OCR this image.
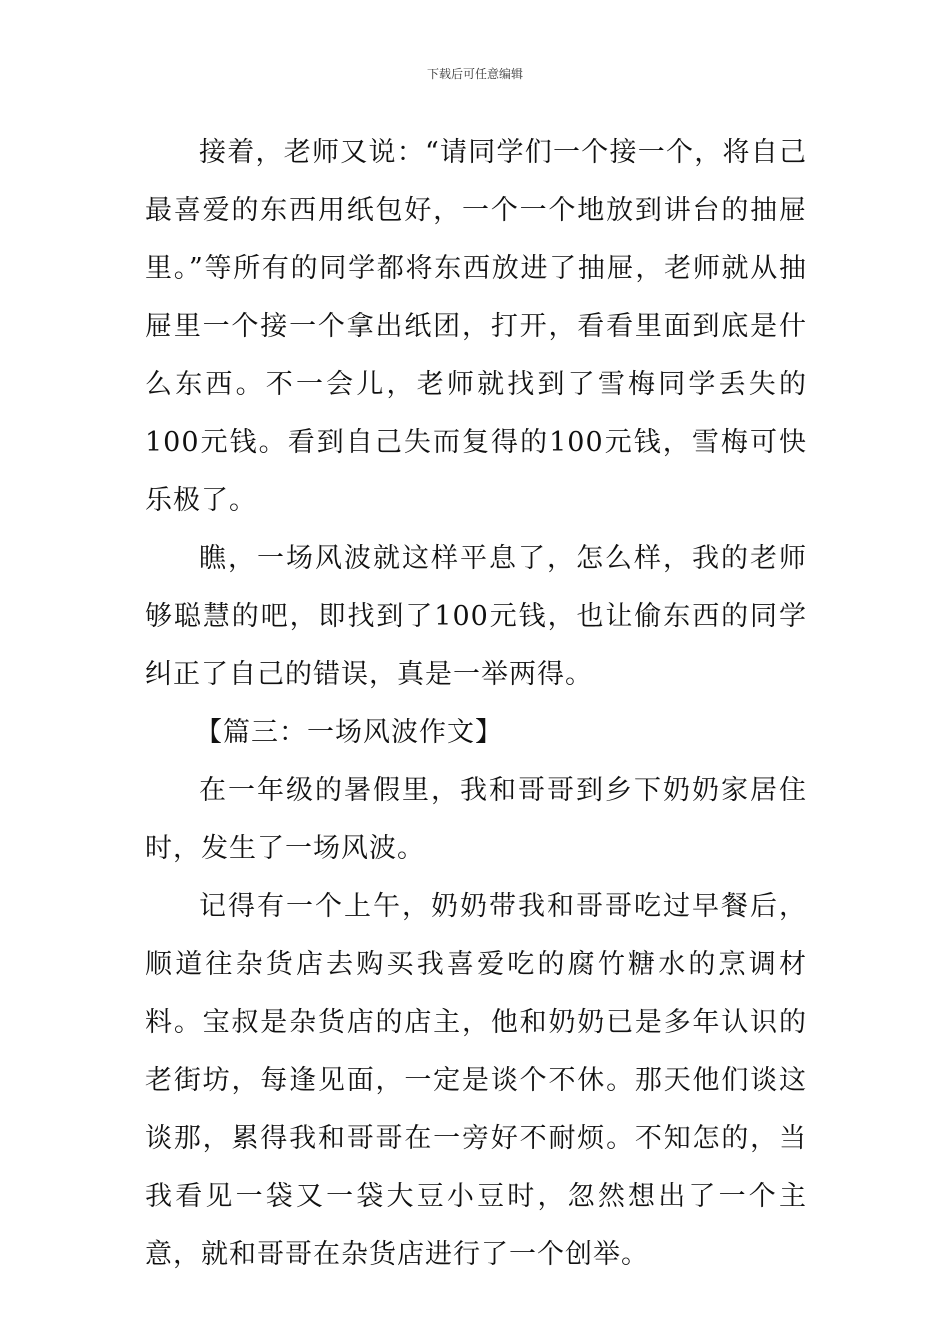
下载后可任意编辑

接着，老师又说：“请同学们一个接一个，将自己最喜爱的东西用纸包好，一个一个地放到讲台的抽屉里。”等所有的同学都将东西放进了抽屉，老师就从抽屉里一个接一个拿出纸团，打开，看看里面到底是什么东西。不一会儿，老师就找到了雪梅同学丢失的100元钱。看到自己失而复得的100元钱，雪梅可快乐极了。

瞧，一场风波就这样平息了，怎么样，我的老师够聪慧的吧，即找到了100元钱，也让偷东西的同学纠正了自己的错误，真是一举两得。

【篇三：一场风波作文】

在一年级的暑假里，我和哥哥到乡下奶奶家居住时，发生了一场风波。

记得有一个上午，奶奶带我和哥哥吃过早餐后，顺道往杂货店去购买我喜爱吃的腐竹糖水的烹调材料。宝叔是杂货店的店主，他和奶奶已是多年认识的老街坊，每逢见面，一定是谈个不休。那天他们谈这谈那，累得我和哥哥在一旁好不耐烦。不知怎的，当我看见一袋又一袋大豆小豆时，忽然想出了一个主意，就和哥哥在杂货店进行了一个创举。
